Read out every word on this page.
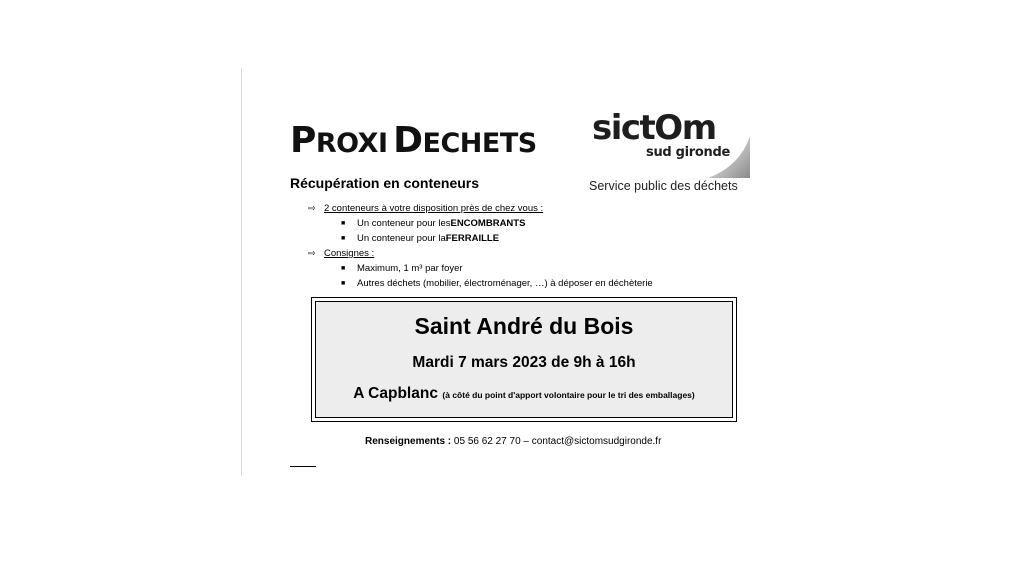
PROXI DECHETS
Récupération en conteneurs
sictOm
sud gironde
Service public des déchets
⇨ 2 conteneurs à votre disposition près de chez vous :
■	Un conteneur pour les ENCOMBRANTS
■	Un conteneur pour la FERRAILLE
⇨ Consignes :
■	Maximum, 1 m³ par foyer
■	Autres déchets (mobilier, électroménager, …) à déposer en déchèterie
Saint André du Bois
Mardi 7 mars 2023 de 9h à 16h
A Capblanc (à côté du point d'apport volontaire pour le tri des emballages)
Renseignements : 05 56 62 27 70 – contact@sictomsudgironde.fr
